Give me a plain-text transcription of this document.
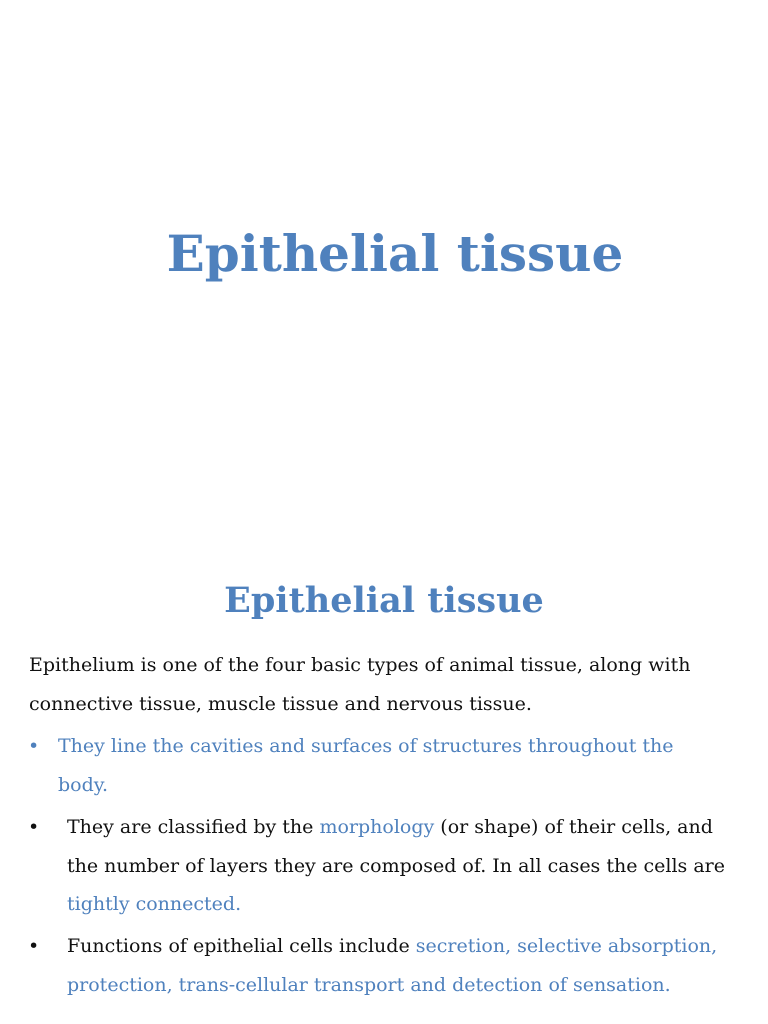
Epithelial tissue
Epithelial tissue

Epithelium is one of the four basic types of animal tissue, along with connective tissue, muscle tissue and nervous tissue.

• They line the cavities and surfaces of structures throughout the body.
•	They are classified by the morphology (or shape) of their cells, and the number of layers they are composed of. In all cases the cells are tightly connected.
•	Functions of epithelial cells include secretion, selective absorption, protection, trans-cellular transport and detection of sensation.
